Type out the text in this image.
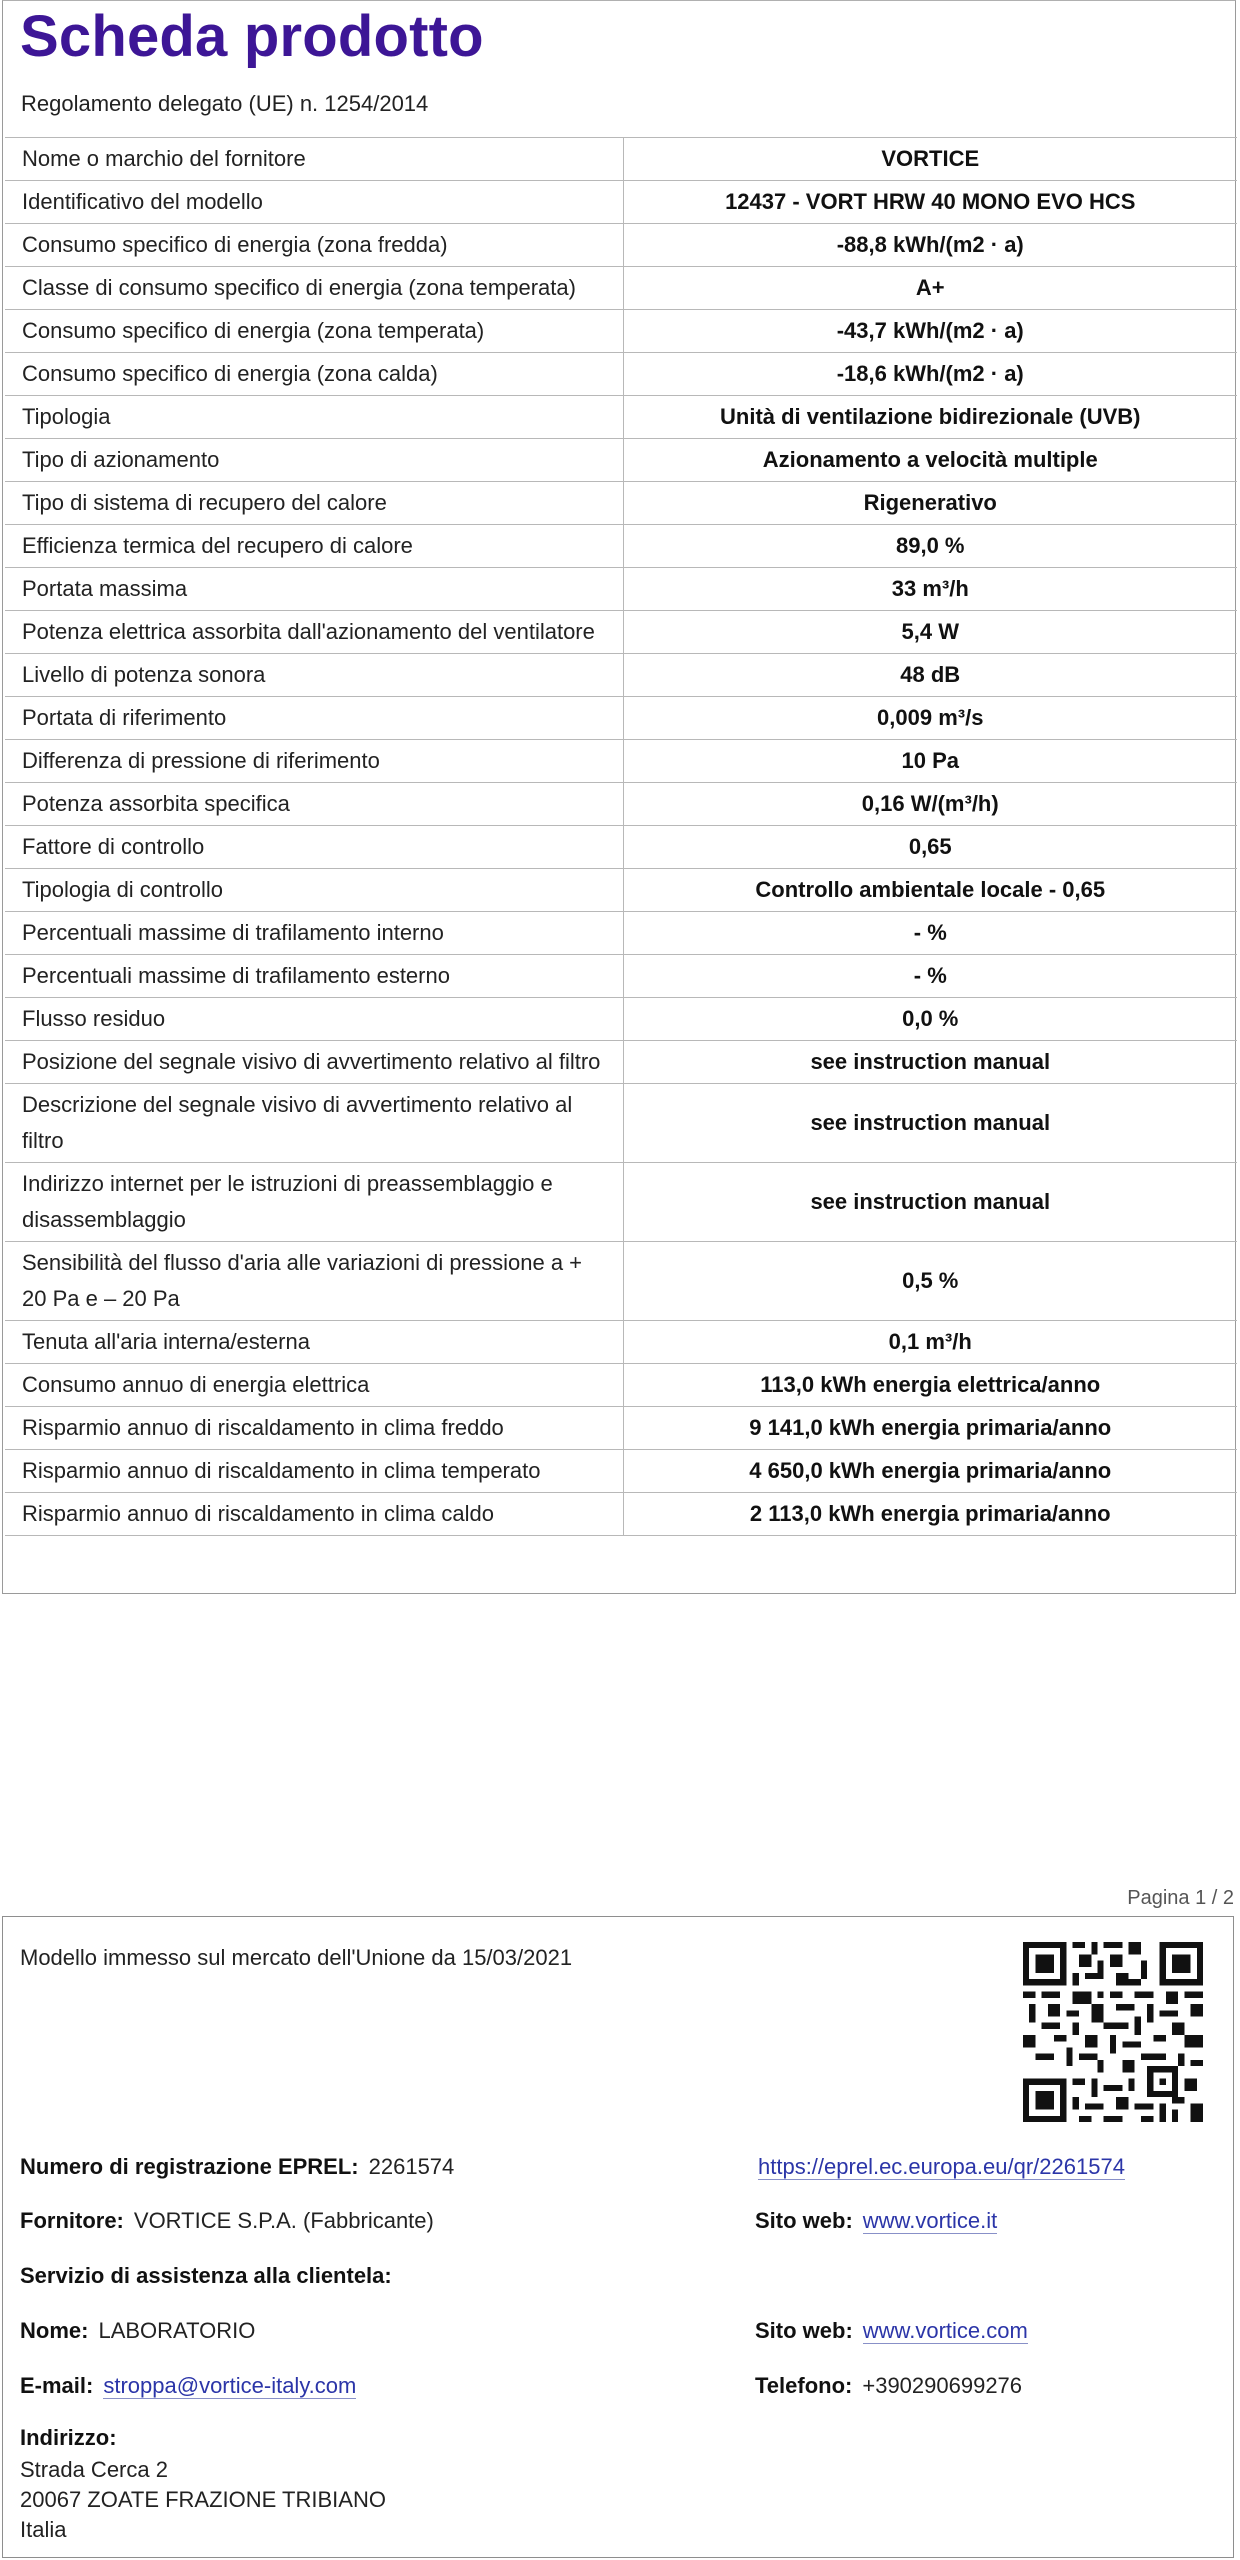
Scheda prodotto
Regolamento delegato (UE) n. 1254/2014
Nome o marchio del fornitore	VORTICE
Identificativo del modello	12437 - VORT HRW 40 MONO EVO HCS
Consumo specifico di energia (zona fredda)	-88,8 kWh/(m2 · a)
Classe di consumo specifico di energia (zona temperata)	A+
Consumo specifico di energia (zona temperata)	-43,7 kWh/(m2 · a)
Consumo specifico di energia (zona calda)	-18,6 kWh/(m2 · a)
Tipologia	Unità di ventilazione bidirezionale (UVB)
Tipo di azionamento	Azionamento a velocità multiple
Tipo di sistema di recupero del calore	Rigenerativo
Efficienza termica del recupero di calore	89,0 %
Portata massima	33 m³/h
Potenza elettrica assorbita dall'azionamento del ventilatore	5,4 W
Livello di potenza sonora	48 dB
Portata di riferimento	0,009 m³/s
Differenza di pressione di riferimento	10 Pa
Potenza assorbita specifica	0,16 W/(m³/h)
Fattore di controllo	0,65
Tipologia di controllo	Controllo ambientale locale - 0,65
Percentuali massime di trafilamento interno	- %
Percentuali massime di trafilamento esterno	- %
Flusso residuo	0,0 %
Posizione del segnale visivo di avvertimento relativo al filtro	see instruction manual
Descrizione del segnale visivo di avvertimento relativo al filtro	see instruction manual
Indirizzo internet per le istruzioni di preassemblaggio e disassemblaggio	see instruction manual
Sensibilità del flusso d'aria alle variazioni di pressione a + 20 Pa e – 20 Pa	0,5 %
Tenuta all'aria interna/esterna	0,1 m³/h
Consumo annuo di energia elettrica	113,0 kWh energia elettrica/anno
Risparmio annuo di riscaldamento in clima freddo	9 141,0 kWh energia primaria/anno
Risparmio annuo di riscaldamento in clima temperato	4 650,0 kWh energia primaria/anno
Risparmio annuo di riscaldamento in clima caldo	2 113,0 kWh energia primaria/anno
Pagina 1 / 2
Modello immesso sul mercato dell'Unione da 15/03/2021
Numero di registrazione EPREL: 2261574	https://eprel.ec.europa.eu/qr/2261574
Fornitore: VORTICE S.P.A. (Fabbricante)	Sito web: www.vortice.it
Servizio di assistenza alla clientela:
Nome: LABORATORIO	Sito web: www.vortice.com
E-mail: stroppa@vortice-italy.com	Telefono: +390290699276
Indirizzo:
Strada Cerca 2
20067 ZOATE FRAZIONE TRIBIANO
Italia
